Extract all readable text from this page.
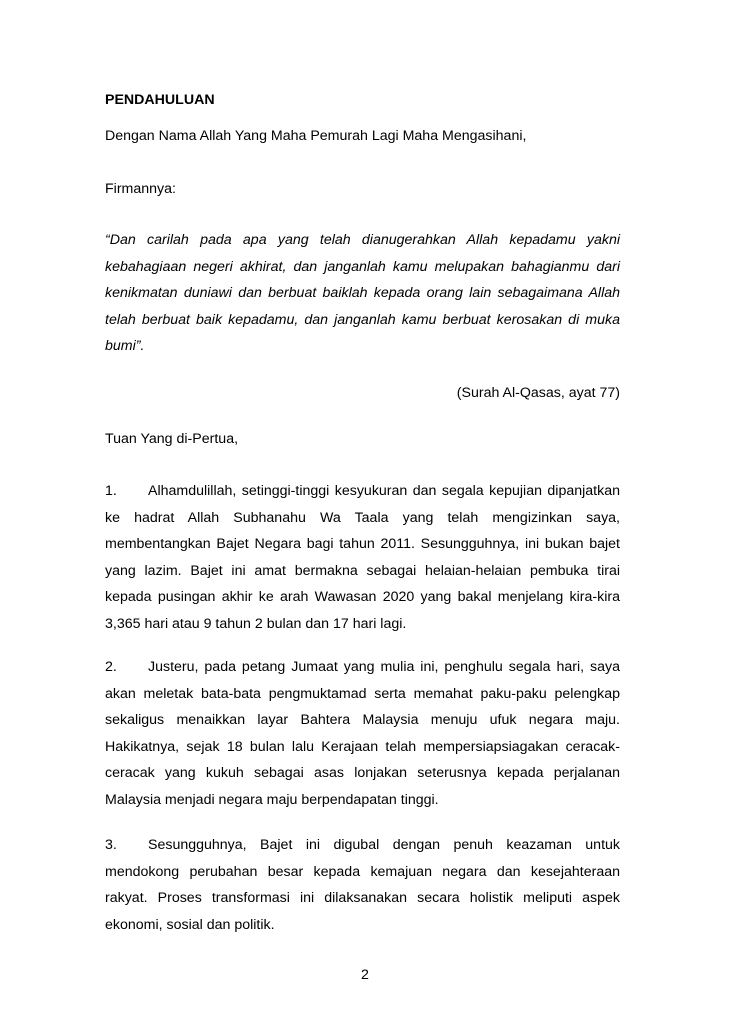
PENDAHULUAN

Dengan Nama Allah Yang Maha Pemurah Lagi Maha Mengasihani,

Firmannya:

“Dan carilah pada apa yang telah dianugerahkan Allah kepadamu yakni kebahagiaan negeri akhirat, dan janganlah kamu melupakan bahagianmu dari kenikmatan duniawi dan berbuat baiklah kepada orang lain sebagaimana Allah telah berbuat baik kepadamu, dan janganlah kamu berbuat kerosakan di muka bumi”.

(Surah Al-Qasas, ayat 77)

Tuan Yang di-Pertua,

1. Alhamdulillah, setinggi-tinggi kesyukuran dan segala kepujian dipanjatkan ke hadrat Allah Subhanahu Wa Taala yang telah mengizinkan saya, membentangkan Bajet Negara bagi tahun 2011. Sesungguhnya, ini bukan bajet yang lazim. Bajet ini amat bermakna sebagai helaian-helaian pembuka tirai kepada pusingan akhir ke arah Wawasan 2020 yang bakal menjelang kira-kira 3,365 hari atau 9 tahun 2 bulan dan 17 hari lagi.

2. Justeru, pada petang Jumaat yang mulia ini, penghulu segala hari, saya akan meletak bata-bata pengmuktamad serta memahat paku-paku pelengkap sekaligus menaikkan layar Bahtera Malaysia menuju ufuk negara maju. Hakikatnya, sejak 18 bulan lalu Kerajaan telah mempersiapsiagakan ceracak-ceracak yang kukuh sebagai asas lonjakan seterusnya kepada perjalanan Malaysia menjadi negara maju berpendapatan tinggi.

3. Sesungguhnya, Bajet ini digubal dengan penuh keazaman untuk mendokong perubahan besar kepada kemajuan negara dan kesejahteraan rakyat. Proses transformasi ini dilaksanakan secara holistik meliputi aspek ekonomi, sosial dan politik.

2
